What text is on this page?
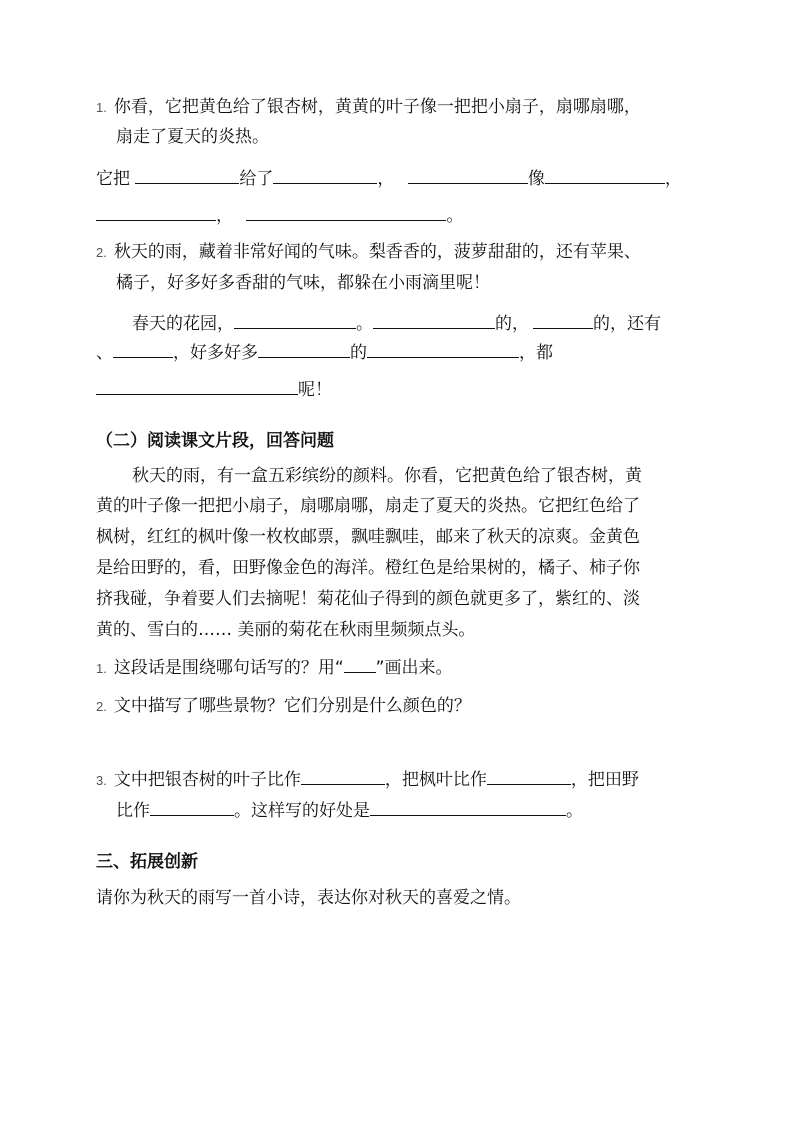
1. 你看，它把黄色给了银杏树，黄黄的叶子像一把把小扇子，扇哪扇哪，
扇走了夏天的炎热。
它把	给了	，	像	，
，	。
2. 秋天的雨，藏着非常好闻的气味。梨香香的，菠萝甜甜的，还有苹果、
橘子，好多好多香甜的气味，都躲在小雨滴里呢！
春天的花园，	。	的，	的，还有
、	，好多好多	的	，都
呢！
（二）阅读课文片段，回答问题
秋天的雨，有一盒五彩缤纷的颜料。你看，它把黄色给了银杏树，黄
黄的叶子像一把把小扇子，扇哪扇哪，扇走了夏天的炎热。它把红色给了
枫树，红红的枫叶像一枚枚邮票，飘哇飘哇，邮来了秋天的凉爽。金黄色
是给田野的，看，田野像金色的海洋。橙红色是给果树的，橘子、柿子你
挤我碰，争着要人们去摘呢！菊花仙子得到的颜色就更多了，紫红的、淡
黄的、雪白的…… 美丽的菊花在秋雨里频频点头。
1. 这段话是围绕哪句话写的？用“ ”画出来。
2. 文中描写了哪些景物？它们分别是什么颜色的？
3. 文中把银杏树的叶子比作	，把枫叶比作	，把田野
比作	。这样写的好处是	。
三、拓展创新
请你为秋天的雨写一首小诗，表达你对秋天的喜爱之情。
